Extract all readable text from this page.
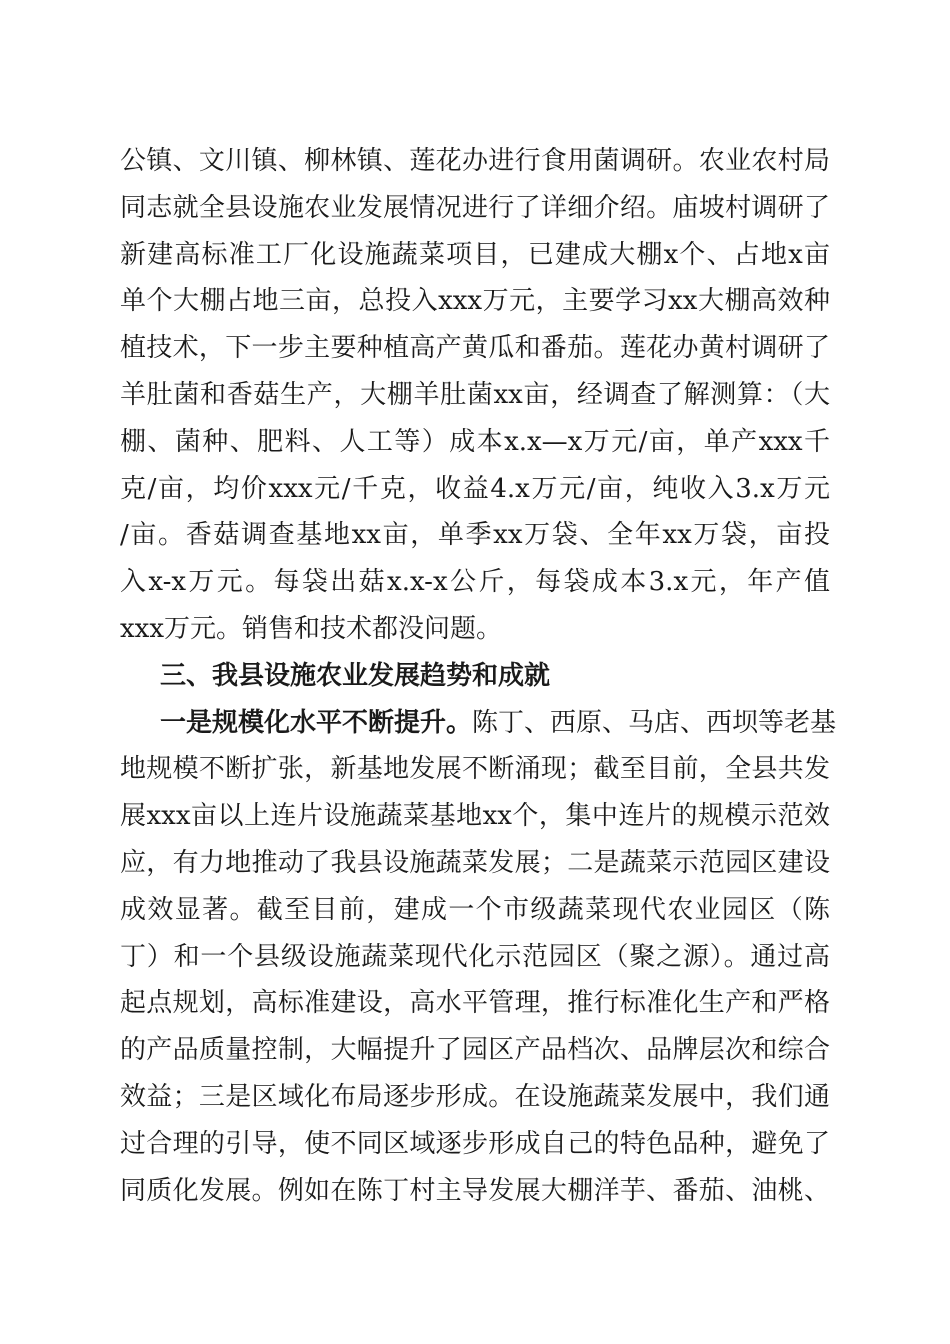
公镇、文川镇、柳林镇、莲花办进行食用菌调研。农业农村局
同志就全县设施农业发展情况进行了详细介绍。庙坡村调研了
新建高标准工厂化设施蔬菜项目，已建成大棚x个、占地x亩
单个大棚占地三亩，总投入xxx万元，主要学习xx大棚高效种
植技术，下一步主要种植高产黄瓜和番茄。莲花办黄村调研了
羊肚菌和香菇生产，大棚羊肚菌xx亩，经调查了解测算：（大
棚、菌种、肥料、人工等）成本x.x—x万元/亩，单产xxx千
克/亩，均价xxx元/千克，收益4.x万元/亩，纯收入3.x万元
/亩。香菇调查基地xx亩，单季xx万袋、全年xx万袋，亩投
入x-x万元。每袋出菇x.x-x公斤，每袋成本3.x元，年产值
xxx万元。销售和技术都没问题。
三、我县设施农业发展趋势和成就
一是规模化水平不断提升。陈丁、西原、马店、西坝等老基
地规模不断扩张，新基地发展不断涌现；截至目前，全县共发
展xxx亩以上连片设施蔬菜基地xx个，集中连片的规模示范效
应，有力地推动了我县设施蔬菜发展；二是蔬菜示范园区建设
成效显著。截至目前，建成一个市级蔬菜现代农业园区（陈
丁）和一个县级设施蔬菜现代化示范园区（聚之源）。通过高
起点规划，高标准建设，高水平管理，推行标准化生产和严格
的产品质量控制，大幅提升了园区产品档次、品牌层次和综合
效益；三是区域化布局逐步形成。在设施蔬菜发展中，我们通
过合理的引导，使不同区域逐步形成自己的特色品种，避免了
同质化发展。例如在陈丁村主导发展大棚洋芋、番茄、油桃、
